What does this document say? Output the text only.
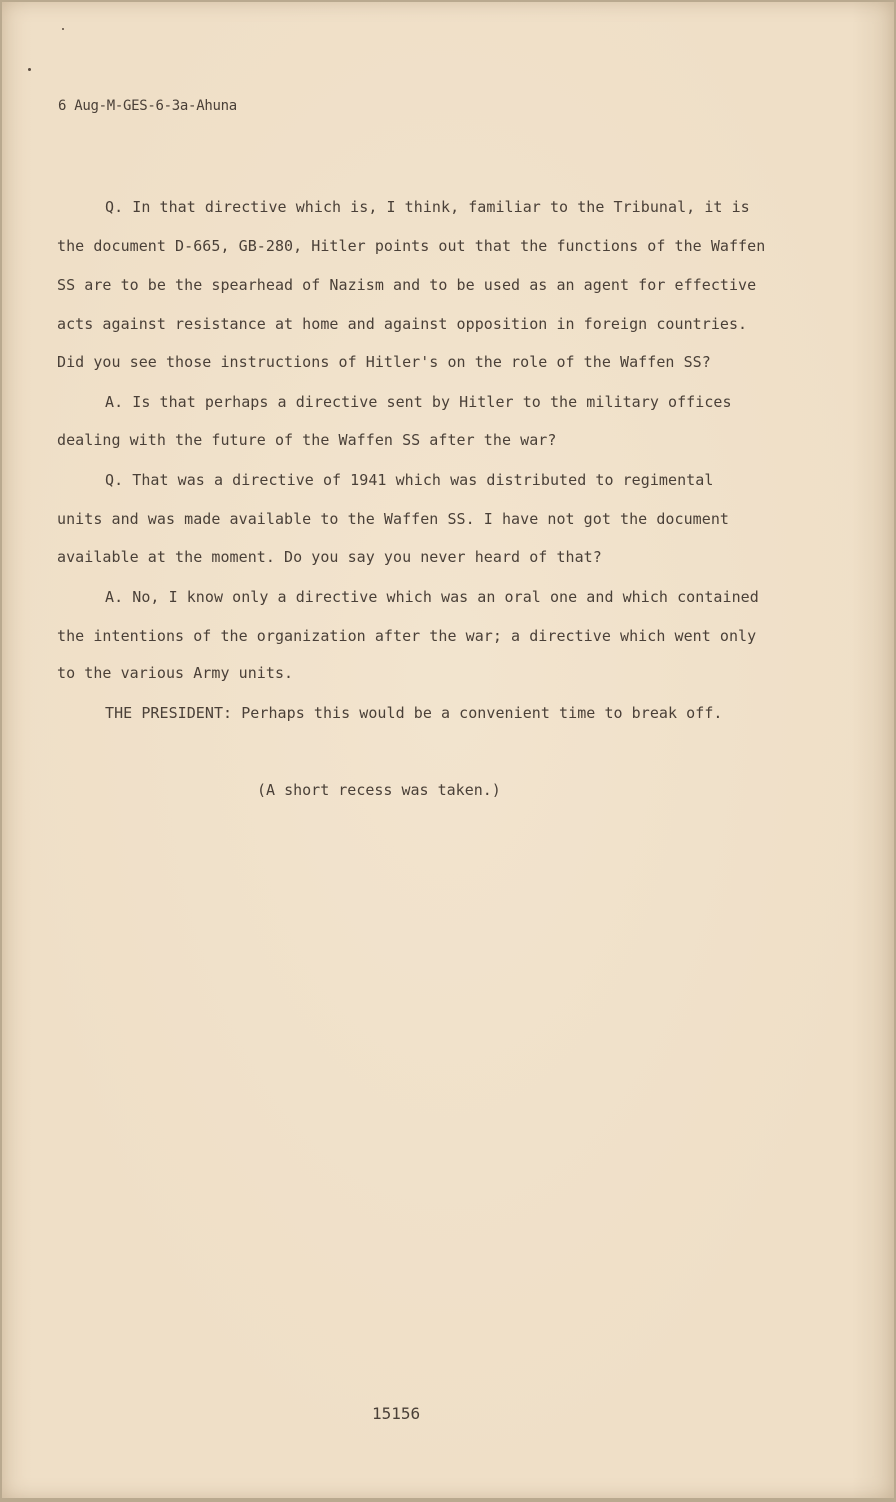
6 Aug-M-GES-6-3a-Ahuna
Q. In that directive which is, I think, familiar to the Tribunal, it is
the document D-665, GB-280, Hitler points out that the functions of the Waffen
SS are to be the spearhead of Nazism and to be used as an agent for effective
acts against resistance at home and against opposition in foreign countries.
Did you see those instructions of Hitler's on the role of the Waffen SS?
A. Is that perhaps a directive sent by Hitler to the military offices
dealing with the future of the Waffen SS after the war?
Q. That was a directive of 1941 which was distributed to regimental
units and was made available to the Waffen SS. I have not got the document
available at the moment. Do you say you never heard of that?
A. No, I know only a directive which was an oral one and which contained
the intentions of the organization after the war; a directive which went only
to the various Army units.
THE PRESIDENT: Perhaps this would be a convenient time to break off.
(A short recess was taken.)
15156
